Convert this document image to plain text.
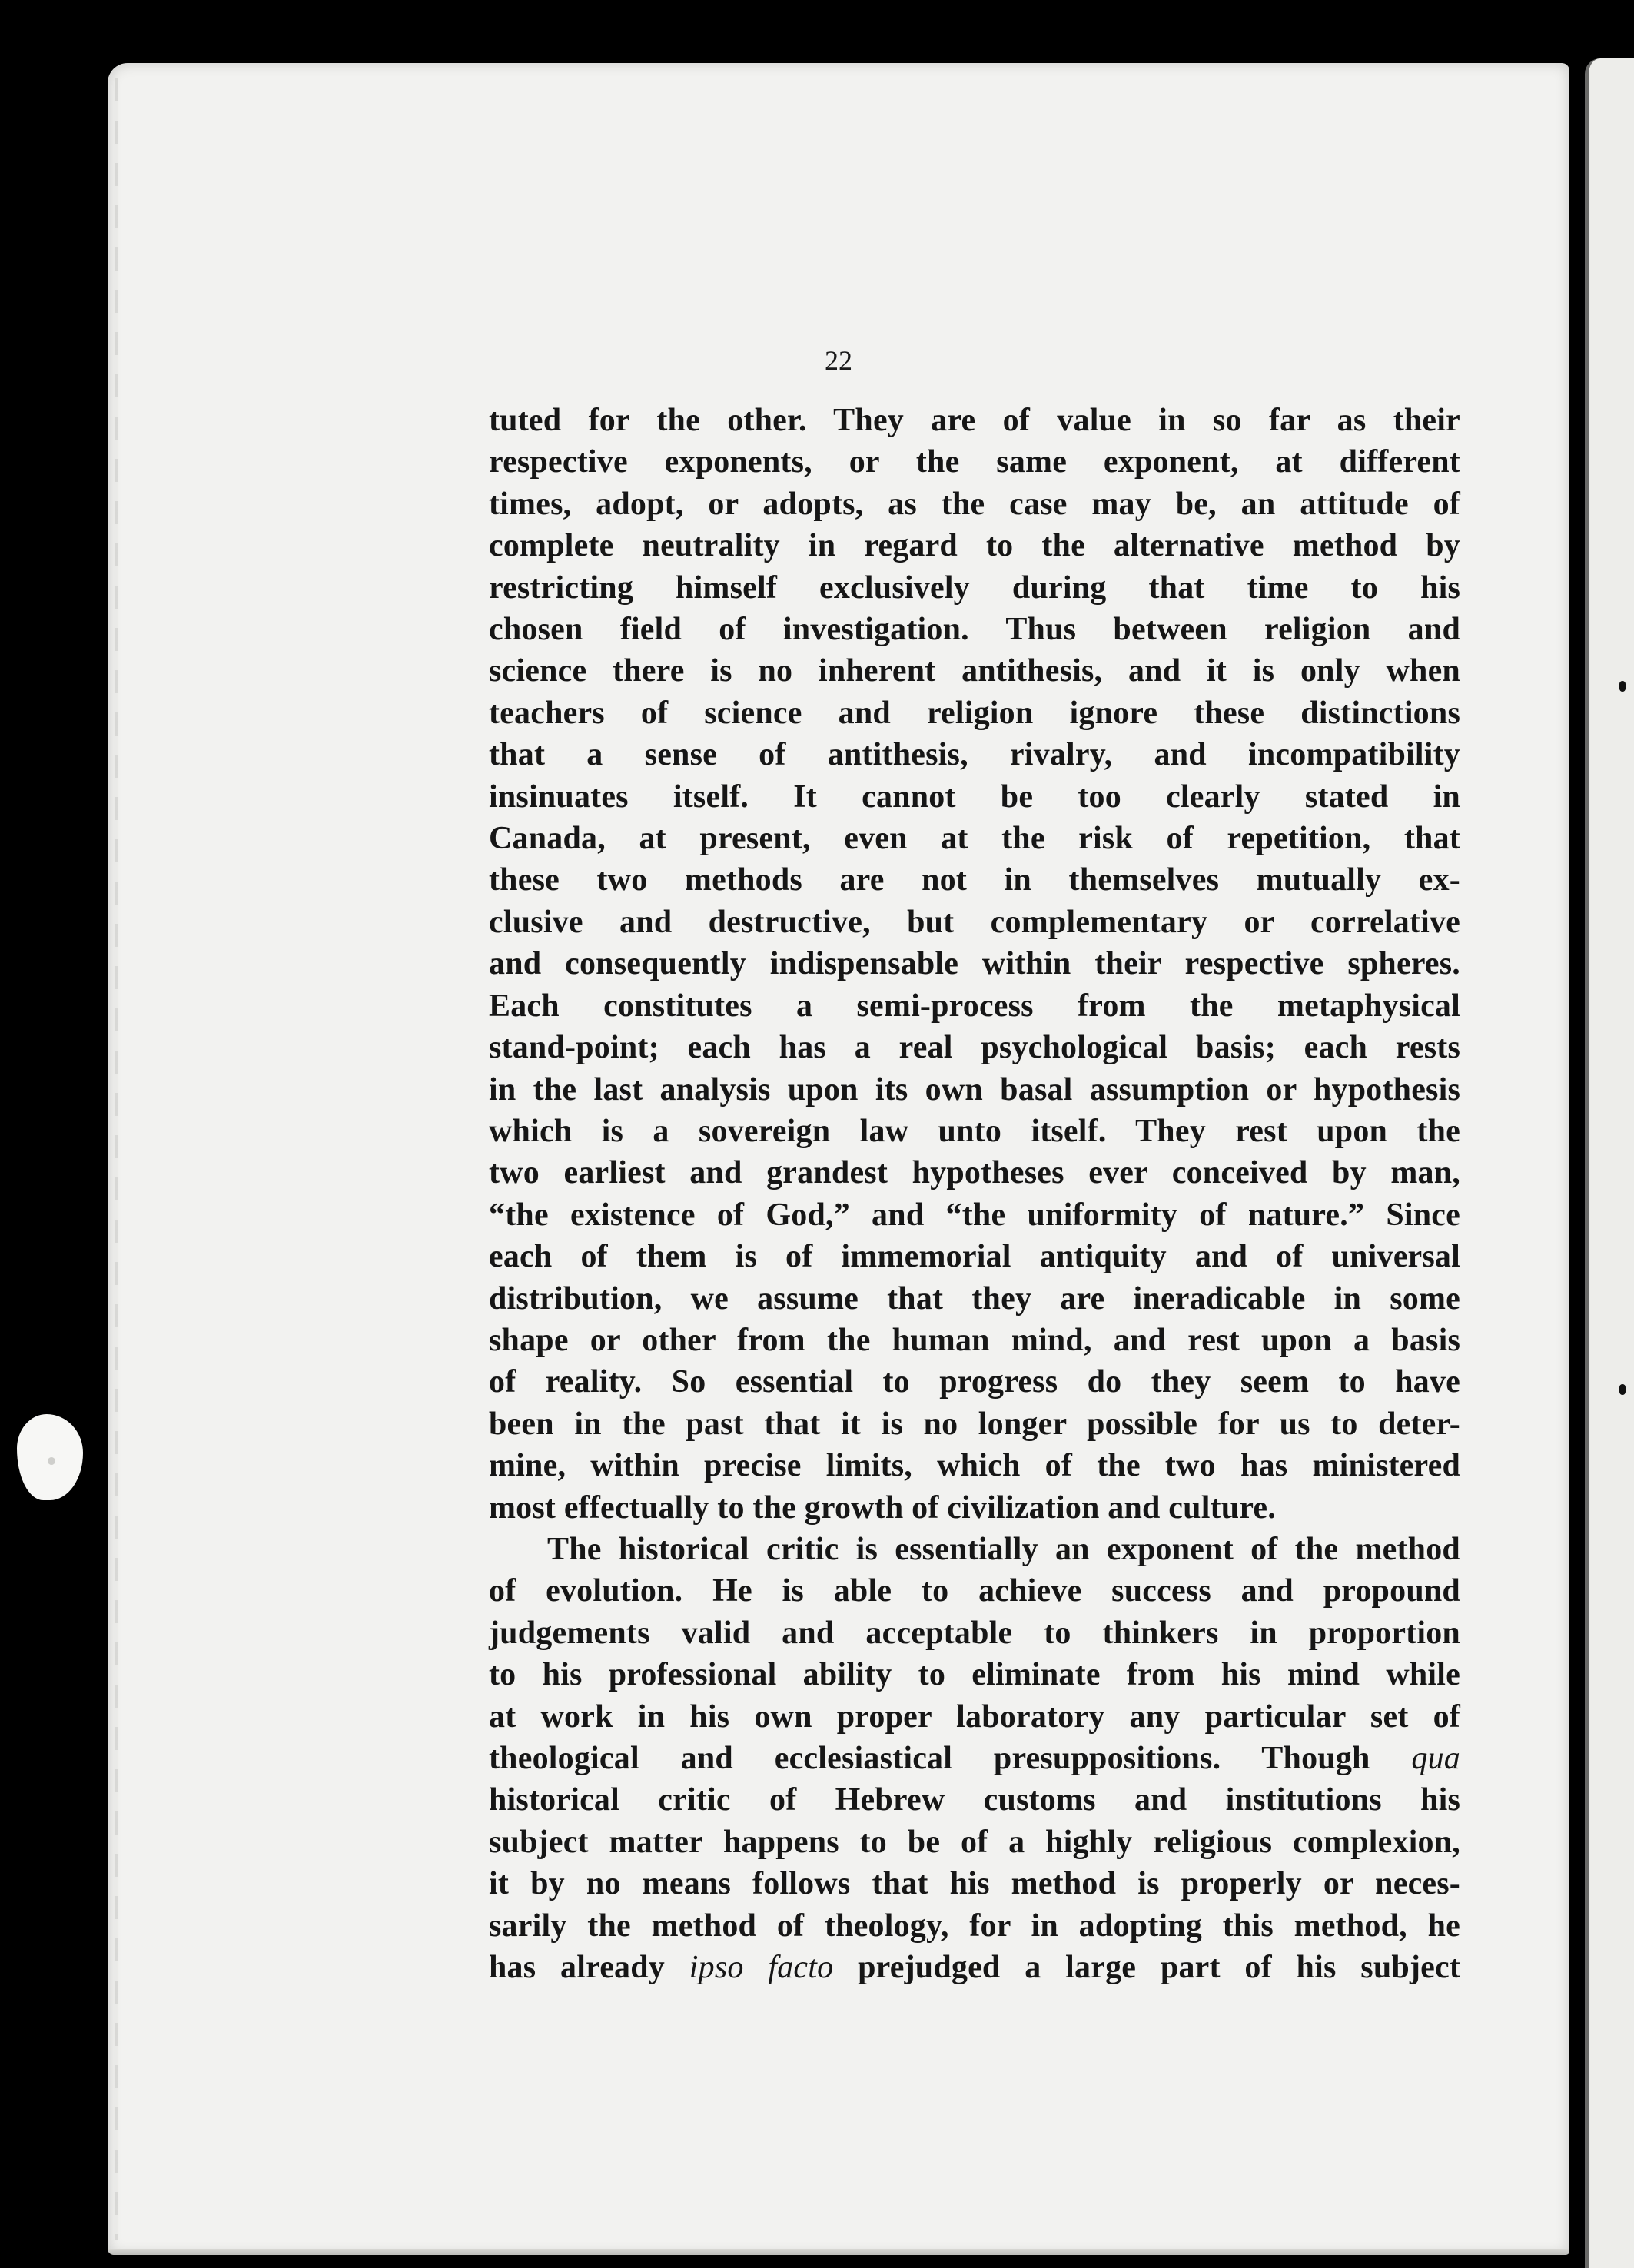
22

tuted for the other. They are of value in so far as their
respective exponents, or the same exponent, at different
times, adopt, or adopts, as the case may be, an attitude of
complete neutrality in regard to the alternative method by
restricting himself exclusively during that time to his
chosen field of investigation. Thus between religion and
science there is no inherent antithesis, and it is only when
teachers of science and religion ignore these distinctions
that a sense of antithesis, rivalry, and incompatibility
insinuates itself. It cannot be too clearly stated in
Canada, at present, even at the risk of repetition, that
these two methods are not in themselves mutually ex-
clusive and destructive, but complementary or correlative
and consequently indispensable within their respective spheres.
Each constitutes a semi-process from the metaphysical
stand-point; each has a real psychological basis; each rests
in the last analysis upon its own basal assumption or hypothesis
which is a sovereign law unto itself. They rest upon the
two earliest and grandest hypotheses ever conceived by man,
“the existence of God,” and “the uniformity of nature.” Since
each of them is of immemorial antiquity and of universal
distribution, we assume that they are ineradicable in some
shape or other from the human mind, and rest upon a basis
of reality. So essential to progress do they seem to have
been in the past that it is no longer possible for us to deter-
mine, within precise limits, which of the two has ministered
most effectually to the growth of civilization and culture.

The historical critic is essentially an exponent of the method
of evolution. He is able to achieve success and propound
judgements valid and acceptable to thinkers in proportion
to his professional ability to eliminate from his mind while
at work in his own proper laboratory any particular set of
theological and ecclesiastical presuppositions. Though qua
historical critic of Hebrew customs and institutions his
subject matter happens to be of a highly religious complexion,
it by no means follows that his method is properly or neces-
sarily the method of theology, for in adopting this method, he
has already ipso facto prejudged a large part of his subject
